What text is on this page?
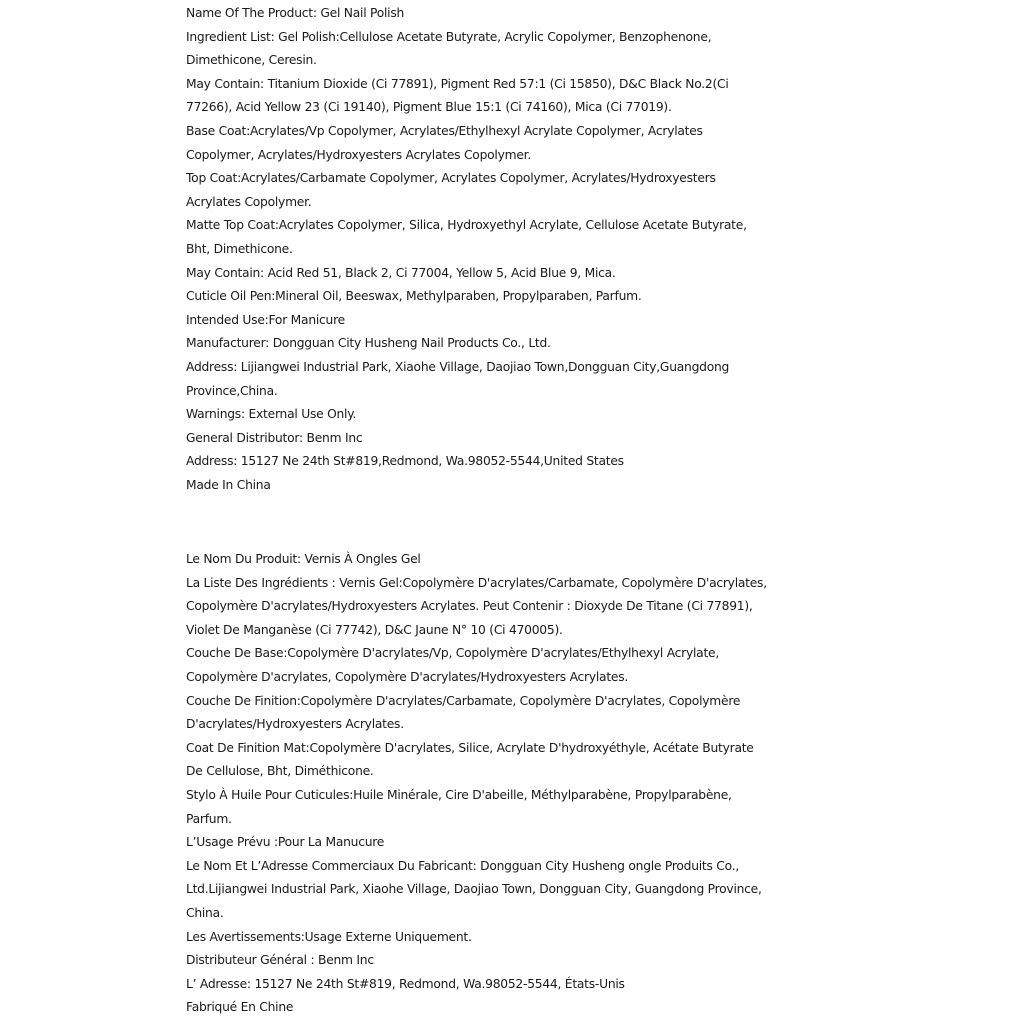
Name Of The Product: Gel Nail Polish
Ingredient List: Gel Polish:Cellulose Acetate Butyrate, Acrylic Copolymer, Benzophenone,
Dimethicone, Ceresin.
May Contain: Titanium Dioxide (Ci 77891), Pigment Red 57:1 (Ci 15850), D&C Black No.2(Ci
77266), Acid Yellow 23 (Ci 19140), Pigment Blue 15:1 (Ci 74160), Mica (Ci 77019).
Base Coat:Acrylates/Vp Copolymer, Acrylates/Ethylhexyl Acrylate Copolymer, Acrylates
Copolymer, Acrylates/Hydroxyesters Acrylates Copolymer.
Top Coat:Acrylates/Carbamate Copolymer, Acrylates Copolymer, Acrylates/Hydroxyesters
Acrylates Copolymer.
Matte Top Coat:Acrylates Copolymer, Silica, Hydroxyethyl Acrylate, Cellulose Acetate Butyrate,
Bht, Dimethicone.
May Contain: Acid Red 51, Black 2, Ci 77004, Yellow 5, Acid Blue 9, Mica.
Cuticle Oil Pen:Mineral Oil, Beeswax, Methylparaben, Propylparaben, Parfum.
Intended Use:For Manicure
Manufacturer: Dongguan City Husheng Nail Products Co., Ltd.
Address: Lijiangwei Industrial Park, Xiaohe Village, Daojiao Town,Dongguan City,Guangdong
Province,China.
Warnings: External Use Only.
General Distributor: Benm Inc
Address: 15127 Ne 24th St#819,Redmond, Wa.98052-5544,United States
Made In China
Le Nom Du Produit: Vernis À Ongles Gel
La Liste Des Ingrédients : Vernis Gel:Copolymère D'acrylates/Carbamate, Copolymère D'acrylates,
Copolymère D'acrylates/Hydroxyesters Acrylates. Peut Contenir : Dioxyde De Titane (Ci 77891),
Violet De Manganèse (Ci 77742), D&C Jaune N° 10 (Ci 470005).
Couche De Base:Copolymère D'acrylates/Vp, Copolymère D'acrylates/Ethylhexyl Acrylate,
Copolymère D'acrylates, Copolymère D'acrylates/Hydroxyesters Acrylates.
Couche De Finition:Copolymère D'acrylates/Carbamate, Copolymère D'acrylates, Copolymère
D'acrylates/Hydroxyesters Acrylates.
Coat De Finition Mat:Copolymère D'acrylates, Silice, Acrylate D'hydroxyéthyle, Acétate Butyrate
De Cellulose, Bht, Diméthicone.
Stylo À Huile Pour Cuticules:Huile Minérale, Cire D'abeille, Méthylparabène, Propylparabène,
Parfum.
L’Usage Prévu :Pour La Manucure
Le Nom Et L’Adresse Commerciaux Du Fabricant: Dongguan City Husheng ongle Produits Co.,
Ltd.Lijiangwei Industrial Park, Xiaohe Village, Daojiao Town, Dongguan City, Guangdong Province,
China.
Les Avertissements:Usage Externe Uniquement.
Distributeur Général : Benm Inc
L’ Adresse: 15127 Ne 24th St#819, Redmond, Wa.98052-5544, États-Unis
Fabriqué En Chine
